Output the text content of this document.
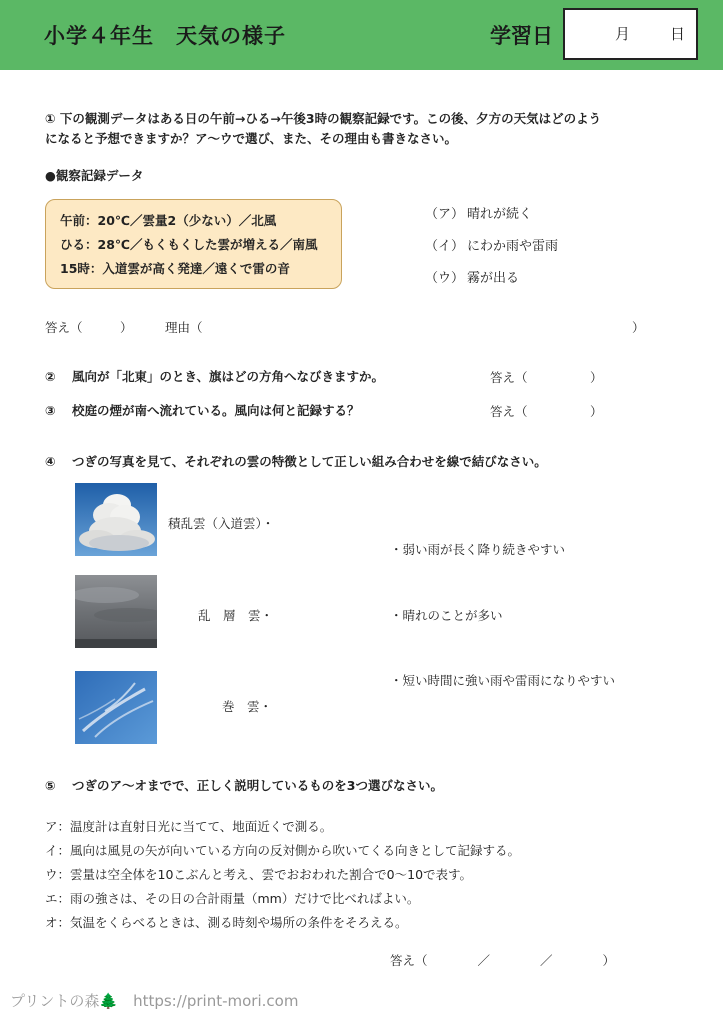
小学４年生　天気の様子	学習日	月	日
① 下の観測データはある日の午前→ひる→午後3時の観察記録です。この後、夕方の天気はどのよう
になると予想できますか？ア～ウで選び、また、その理由も書きなさい。
●観察記録データ
午前：20℃／雲量2（少ない）／北風
ひる：28℃／もくもくした雲が増える／南風
15時：入道雲が高く発達／遠くで雷の音
（ア） 晴れが続く
（イ） にわか雨や雷雨
（ウ） 霧が出る
答え（　　　）	理由（	）
② 風向が「北東」のとき、旗はどの方角へなびきますか。	答え（　　　　　）
③ 校庭の煙が南へ流れている。風向は何と記録する？	答え（　　　　　）
④ つぎの写真を見て、それぞれの雲の特徴として正しい組み合わせを線で結びなさい。
積乱雲（入道雲）・
・弱い雨が長く降り続きやすい
乱　層　雲・	・晴れのことが多い
巻　雲・
・短い時間に強い雨や雷雨になりやすい
⑤ つぎのア～オまでで、正しく説明しているものを3つ選びなさい。
ア：温度計は直射日光に当てて、地面近くで測る。
イ：風向は風見の矢が向いている方向の反対側から吹いてくる向きとして記録する。
ウ：雲量は空全体を10こぶんと考え、雲でおおわれた割合で0〜10で表す。
エ：雨の強さは、その日の合計雨量（mm）だけで比べればよい。
オ：気温をくらべるときは、測る時刻や場所の条件をそろえる。
答え（　　　　／　　　　／　　　　）
プリントの森🌲　https://print-mori.com
